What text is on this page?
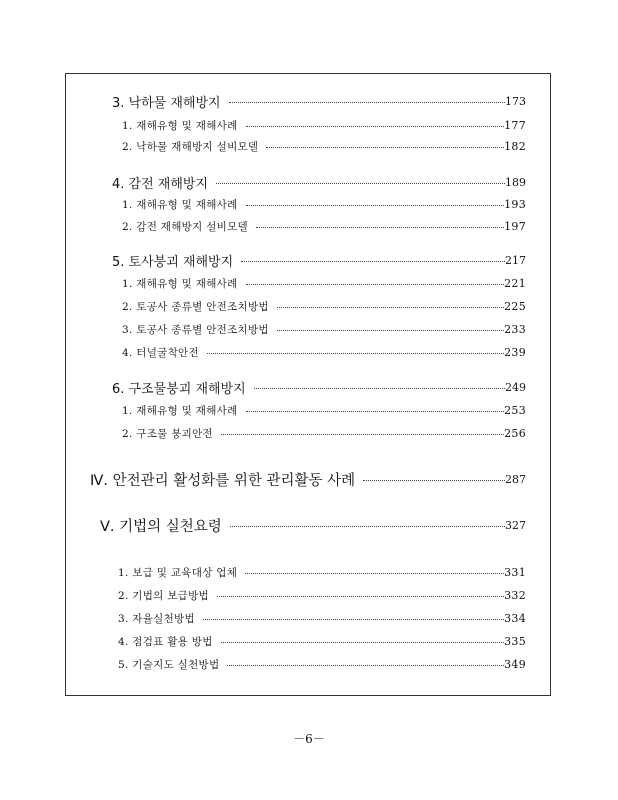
3. 낙하물 재해방지	173
1. 재해유형 및 재해사례	177
2. 낙하물 재해방지 설비모델	182
4. 감전 재해방지	189
1. 재해유형 및 재해사례	193
2. 감전 재해방지 설비모델	197
5. 토사붕괴 재해방지	217
1. 재해유형 및 재해사례	221
2. 토공사 종류별 안전조치방법	225
3. 토공사 종류별 안전조치방법	233
4. 터널굴착안전	239
6. 구조물붕괴 재해방지	249
1. 재해유형 및 재해사례	253
2. 구조물 붕괴안전	256
Ⅳ. 안전관리 활성화를 위한 관리활동 사례	287
Ⅴ. 기법의 실천요령	327
1. 보급 및 교육대상 업체	331
2. 기법의 보급방법	332
3. 자율실천방법	334
4. 점검표 활용 방법	335
5. 기술지도 실천방법	349
－6－
